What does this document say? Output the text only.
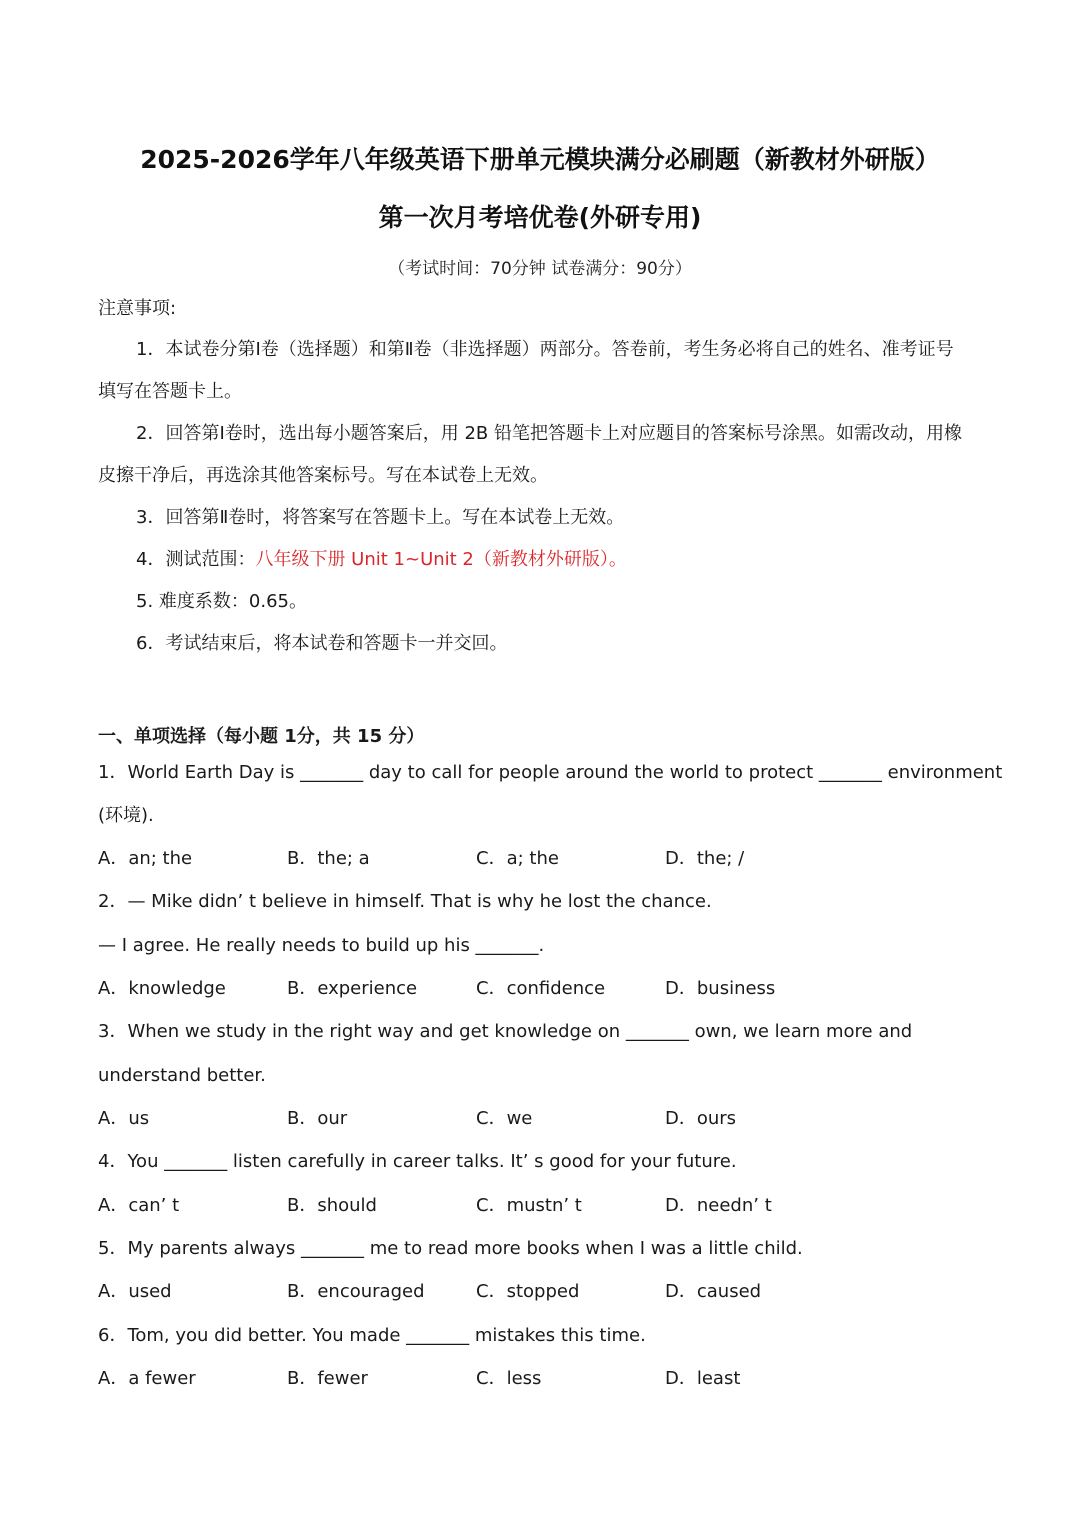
2025-2026学年八年级英语下册单元模块满分必刷题（新教材外研版）
第一次月考培优卷(外研专用)
（考试时间：70分钟 试卷满分：90分）
注意事项:
1．本试卷分第Ⅰ卷（选择题）和第Ⅱ卷（非选择题）两部分。答卷前，考生务必将自己的姓名、准考证号
填写在答题卡上。
2．回答第Ⅰ卷时，选出每小题答案后，用 2B 铅笔把答题卡上对应题目的答案标号涂黑。如需改动，用橡
皮擦干净后，再选涂其他答案标号。写在本试卷上无效。
3．回答第Ⅱ卷时，将答案写在答题卡上。写在本试卷上无效。
4．测试范围：八年级下册 Unit 1~Unit 2（新教材外研版）。
5. 难度系数：0.65。
6．考试结束后，将本试卷和答题卡一并交回。
一、单项选择（每小题 1分，共 15 分）
1．World Earth Day is _______ day to call for people around the world to protect _______ environment
(环境).
A．an; the	B．the; a	C．a; the	D．the; /
2．— Mike didn’ t believe in himself. That is why he lost the chance.
— I agree. He really needs to build up his _______.
A．knowledge	B．experience	C．confidence	D．business
3．When we study in the right way and get knowledge on _______ own, we learn more and
understand better.
A．us	B．our	C．we	D．ours
4．You _______ listen carefully in career talks. It’ s good for your future.
A．can’ t	B．should	C．mustn’ t	D．needn’ t
5．My parents always _______ me to read more books when I was a little child.
A．used	B．encouraged	C．stopped	D．caused
6．Tom, you did better. You made _______ mistakes this time.
A．a fewer	B．fewer	C．less	D．least
